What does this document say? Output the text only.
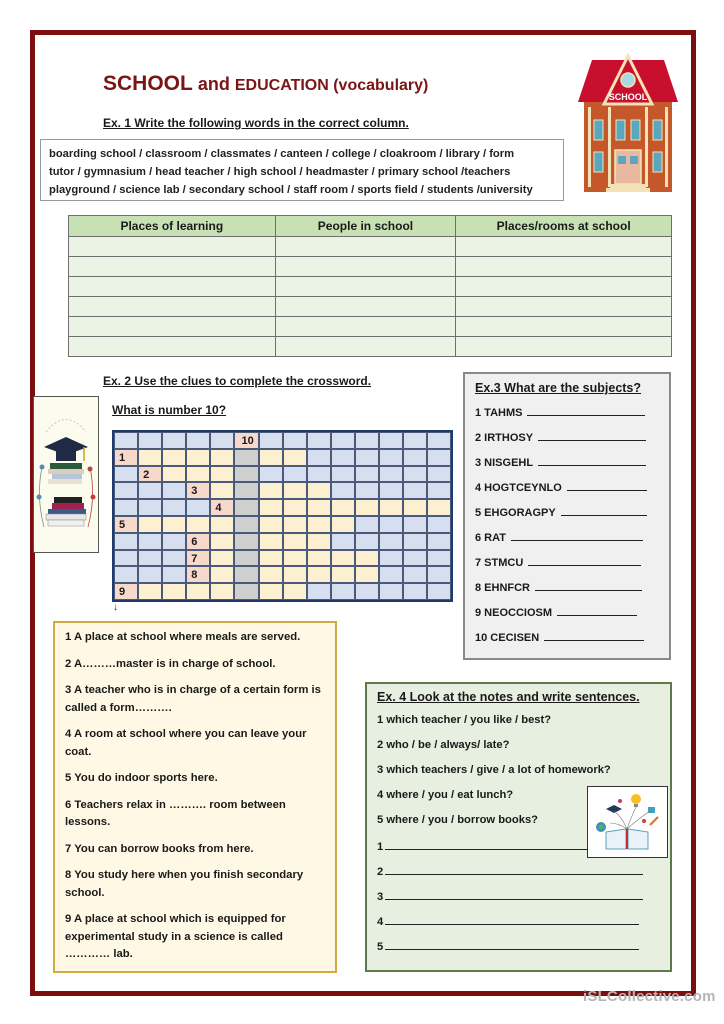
SCHOOL and EDUCATION (vocabulary)
SCHOOL
Ex. 1 Write the following words in the correct column.
boarding school / classroom / classmates / canteen / college / cloakroom / library / form
tutor / gymnasium / head teacher / high school / headmaster / primary school /teachers
playground / science lab / secondary school / staff room / sports field / students /university
Places of learning	People in school	Places/rooms at school

Ex. 2 Use the clues to complete the crossword.
What is number 10?
10
1
2
3
4
5
6
7
8
9
↓

1 A place at school where meals are served.

2 A………master is in charge of school.

3 A teacher who is in charge of a certain form is called a form……….

4 A room at school where you can leave your coat.

5 You do indoor sports here.

6 Teachers relax in ………. room between lessons.

7 You can borrow books from here.

8 You study here when you finish secondary school.

9 A place at school which is equipped for experimental study in a science is called ………… lab.

Ex.3 What are the subjects?
1 TAHMS
2 IRTHOSY
3 NISGEHL
4 HOGTCEYNLO
5 EHGORAGPY
6 RAT
7 STMCU
8 EHNFCR
9 NEOCCIOSM
10 CECISEN
Ex. 4 Look at the notes and write sentences.
1 which teacher / you like / best?
2 who / be / always/ late?
3 which teachers / give / a lot of homework?
4 where / you / eat lunch?
5 where / you / borrow books?
1
2
3
4
5
iSLCollective.com
